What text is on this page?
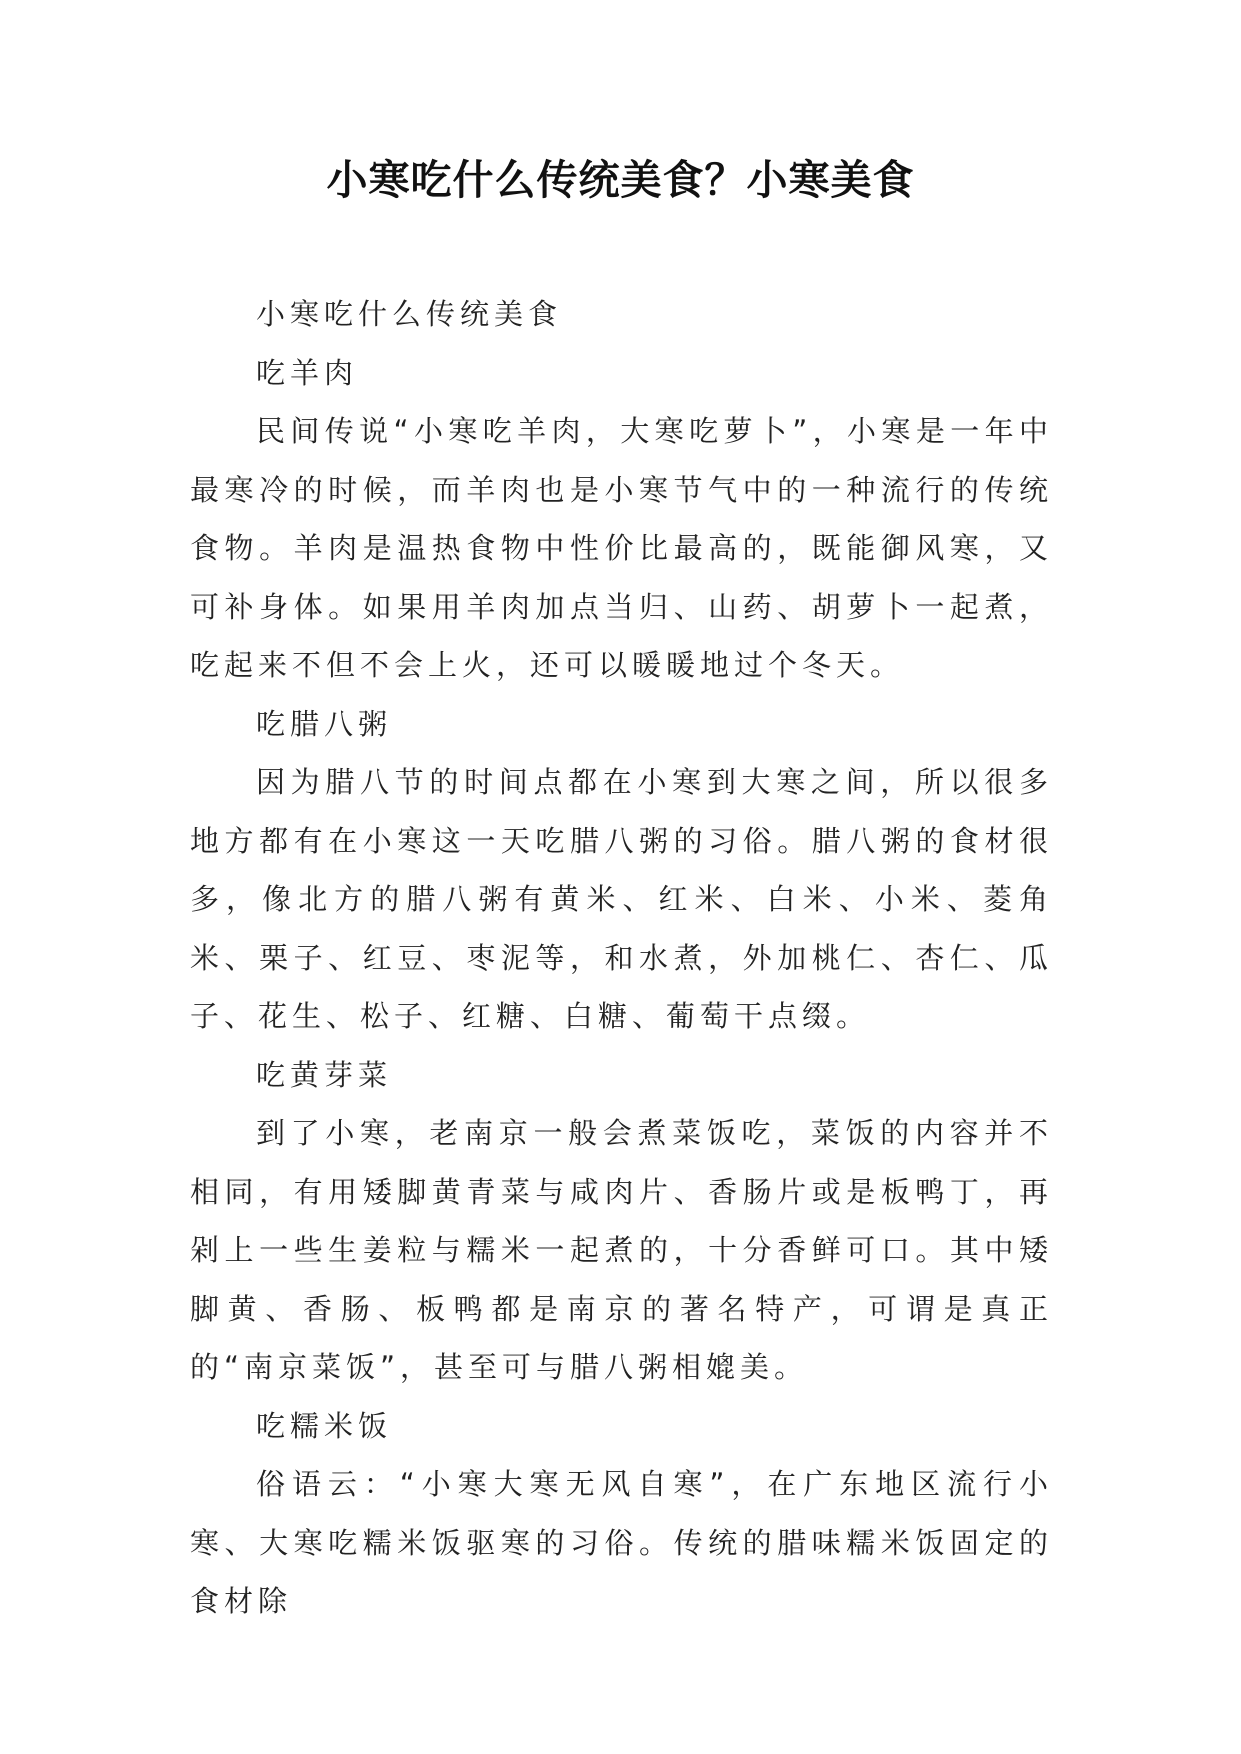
小寒吃什么传统美食？小寒美食

小寒吃什么传统美食

吃羊肉

民间传说“小寒吃羊肉，大寒吃萝卜”，小寒是一年中最寒冷的时候，而羊肉也是小寒节气中的一种流行的传统食物。羊肉是温热食物中性价比最高的，既能御风寒，又可补身体。如果用羊肉加点当归、山药、胡萝卜一起煮，吃起来不但不会上火，还可以暖暖地过个冬天。

吃腊八粥

因为腊八节的时间点都在小寒到大寒之间，所以很多地方都有在小寒这一天吃腊八粥的习俗。腊八粥的食材很多，像北方的腊八粥有黄米、红米、白米、小米、菱角米、栗子、红豆、枣泥等，和水煮，外加桃仁、杏仁、瓜子、花生、松子、红糖、白糖、葡萄干点缀。

吃黄芽菜

到了小寒，老南京一般会煮菜饭吃，菜饭的内容并不相同，有用矮脚黄青菜与咸肉片、香肠片或是板鸭丁，再剁上一些生姜粒与糯米一起煮的，十分香鲜可口。其中矮脚黄、香肠、板鸭都是南京的著名特产，可谓是真正的“南京菜饭”，甚至可与腊八粥相媲美。

吃糯米饭

俗语云：“小寒大寒无风自寒”，在广东地区流行小寒、大寒吃糯米饭驱寒的习俗。传统的腊味糯米饭固定的食材除
